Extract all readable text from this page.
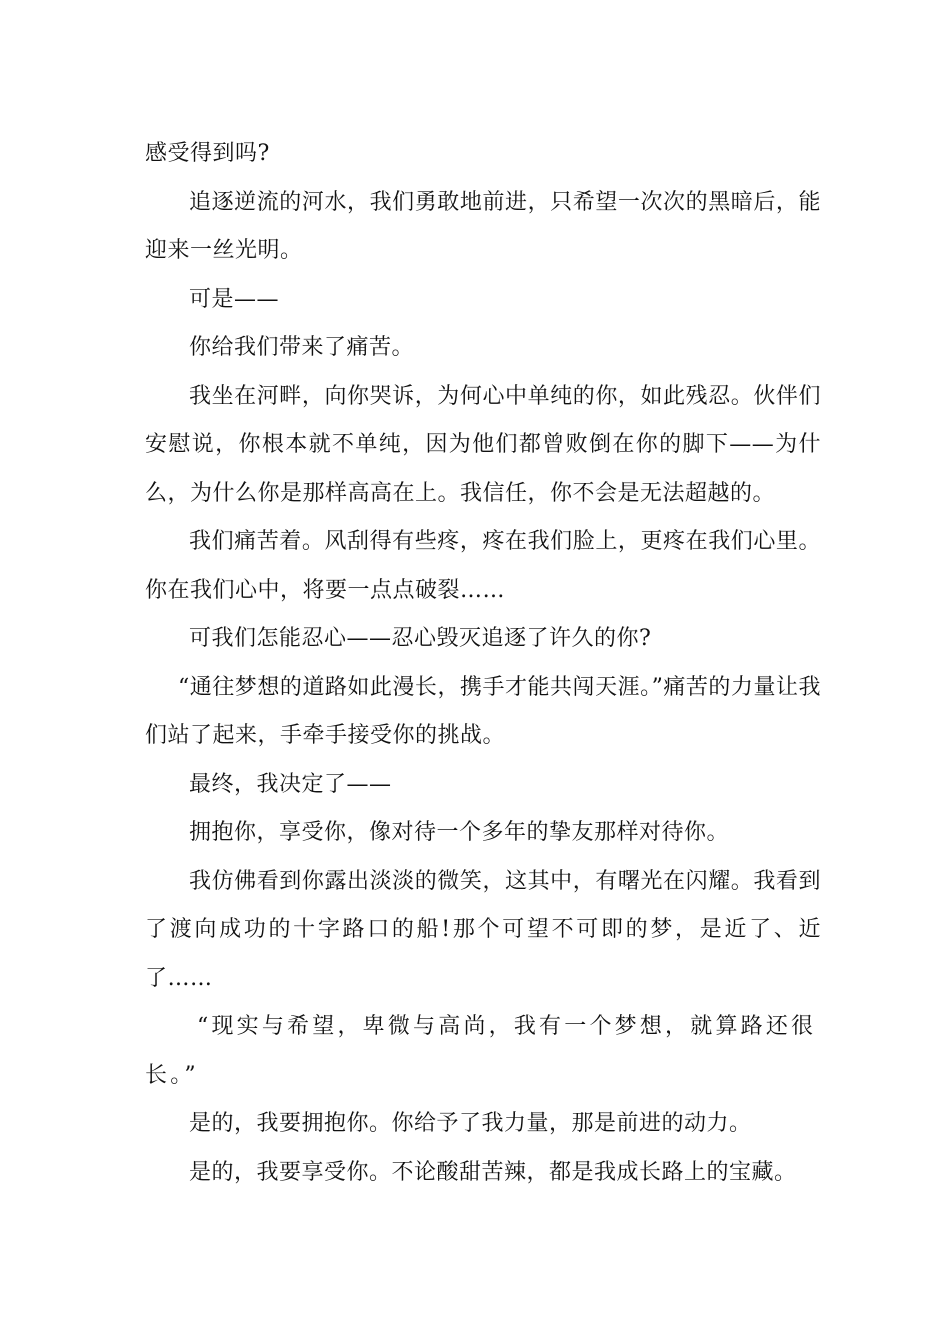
感受得到吗?

追逐逆流的河水，我们勇敢地前进，只希望一次次的黑暗后，能迎来一丝光明。

可是——

你给我们带来了痛苦。

我坐在河畔，向你哭诉，为何心中单纯的你，如此残忍。伙伴们安慰说，你根本就不单纯，因为他们都曾败倒在你的脚下——为什么，为什么你是那样高高在上。我信任，你不会是无法超越的。

我们痛苦着。风刮得有些疼，疼在我们脸上，更疼在我们心里。你在我们心中，将要一点点破裂……

可我们怎能忍心——忍心毁灭追逐了许久的你?

“通往梦想的道路如此漫长，携手才能共闯天涯。”痛苦的力量让我们站了起来，手牵手接受你的挑战。

最终，我决定了——

拥抱你，享受你，像对待一个多年的挚友那样对待你。

我仿佛看到你露出淡淡的微笑，这其中，有曙光在闪耀。我看到了渡向成功的十字路口的船!那个可望不可即的梦，是近了、近了……

“现实与希望，卑微与高尚，我有一个梦想，就算路还很长。”

是的，我要拥抱你。你给予了我力量，那是前进的动力。

是的，我要享受你。不论酸甜苦辣，都是我成长路上的宝藏。
